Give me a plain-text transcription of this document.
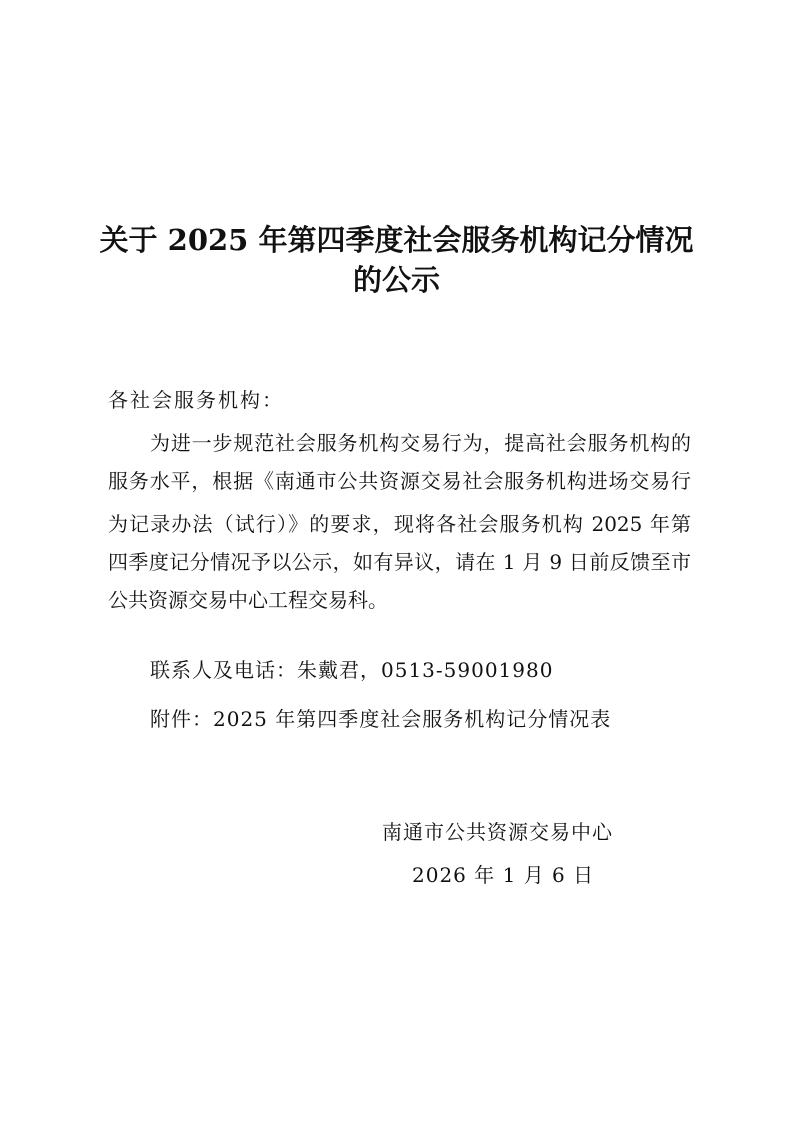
关于 2025 年第四季度社会服务机构记分情况
的公示
各社会服务机构：
为进一步规范社会服务机构交易行为，提高社会服务机构的
服务水平，根据《南通市公共资源交易社会服务机构进场交易行
为记录办法（试行）》的要求，现将各社会服务机构 2025 年第
四季度记分情况予以公示，如有异议，请在 1 月 9 日前反馈至市
公共资源交易中心工程交易科。
联系人及电话：朱戴君，0513-59001980
附件：2025 年第四季度社会服务机构记分情况表
南通市公共资源交易中心
2026 年 1 月 6 日
